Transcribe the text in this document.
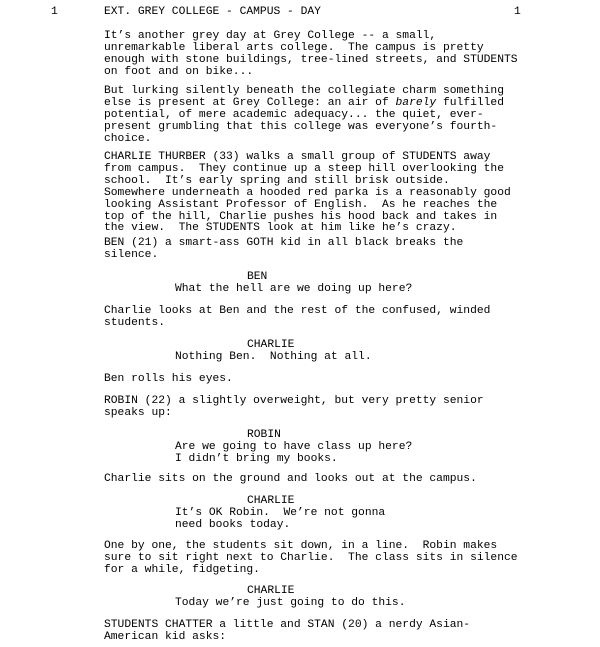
1	EXT. GREY COLLEGE - CAMPUS - DAY	1
It’s another grey day at Grey College -- a small,
unremarkable liberal arts college.  The campus is pretty
enough with stone buildings, tree-lined streets, and STUDENTS
on foot and on bike...
But lurking silently beneath the collegiate charm something
else is present at Grey College: an air of barely fulfilled
potential, of mere academic adequacy... the quiet, ever-
present grumbling that this college was everyone’s fourth-
choice.
CHARLIE THURBER (33) walks a small group of STUDENTS away
from campus.  They continue up a steep hill overlooking the
school.  It’s early spring and still brisk outside.
Somewhere underneath a hooded red parka is a reasonably good
looking Assistant Professor of English.  As he reaches the
top of the hill, Charlie pushes his hood back and takes in
the view.  The STUDENTS look at him like he’s crazy.
BEN (21) a smart-ass GOTH kid in all black breaks the
silence.
BEN
What the hell are we doing up here?
Charlie looks at Ben and the rest of the confused, winded
students.
CHARLIE
Nothing Ben.  Nothing at all.
Ben rolls his eyes.
ROBIN (22) a slightly overweight, but very pretty senior
speaks up:
ROBIN
Are we going to have class up here?
I didn’t bring my books.
Charlie sits on the ground and looks out at the campus.
CHARLIE
It’s OK Robin.  We’re not gonna
need books today.
One by one, the students sit down, in a line.  Robin makes
sure to sit right next to Charlie.  The class sits in silence
for a while, fidgeting.
CHARLIE
Today we’re just going to do this.
STUDENTS CHATTER a little and STAN (20) a nerdy Asian-
American kid asks:
